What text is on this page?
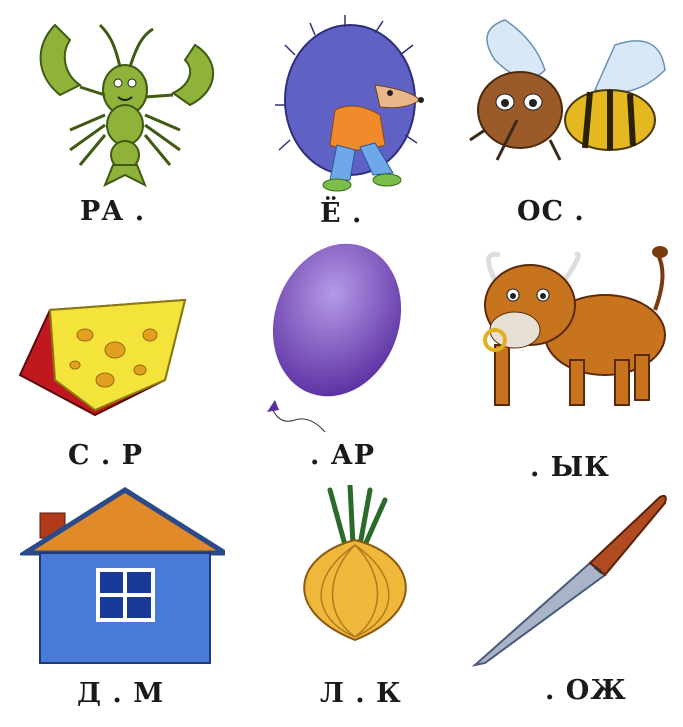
РА .	Ё .	ОС .
С . Р	. АР	. ЫК
Д . М	Л . К	. ОЖ
